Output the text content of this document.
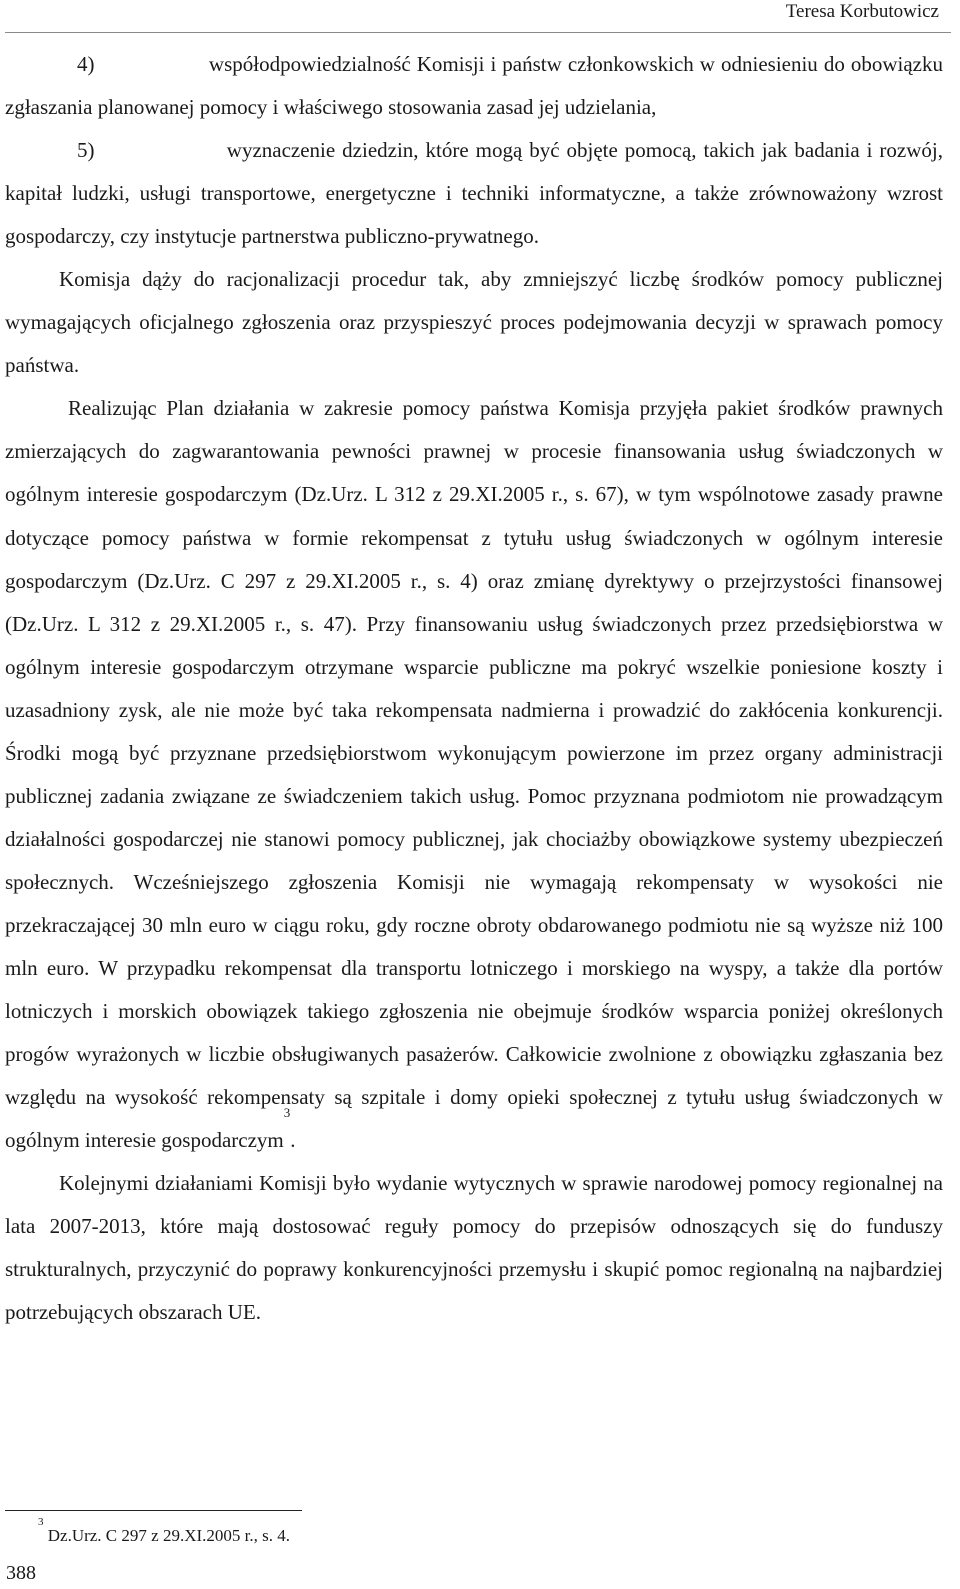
Teresa Korbutowicz

4)                   współodpowiedzialność Komisji i państw członkowskich w odniesieniu do obowiązku zgłaszania planowanej pomocy i właściwego stosowania zasad jej udzielania,

5)                   wyznaczenie dziedzin, które mogą być objęte pomocą, takich jak badania i rozwój, kapitał ludzki, usługi transportowe, energetyczne i techniki informatyczne, a także zrównoważony wzrost gospodarczy, czy instytucje partnerstwa publiczno-prywatnego.

Komisja dąży do racjonalizacji procedur tak, aby zmniejszyć liczbę środków pomocy publicznej wymagających oficjalnego zgłoszenia oraz przyspieszyć proces podejmowania decyzji w sprawach pomocy państwa.

Realizując Plan działania w zakresie pomocy państwa Komisja przyjęła pakiet środków prawnych zmierzających do zagwarantowania pewności prawnej w procesie finansowania usług świadczonych w ogólnym interesie gospodarczym (Dz.Urz. L 312 z 29.XI.2005 r., s. 67), w tym wspólnotowe zasady prawne dotyczące pomocy państwa w formie rekompensat z tytułu usług świadczonych w ogólnym interesie gospodarczym (Dz.Urz. C 297 z 29.XI.2005 r., s. 4) oraz zmianę dyrektywy o przejrzystości finansowej (Dz.Urz. L 312 z 29.XI.2005 r., s. 47). Przy finansowaniu usług świadczonych przez przedsiębiorstwa w ogólnym interesie gospodarczym otrzymane wsparcie publiczne ma pokryć wszelkie poniesione koszty i uzasadniony zysk, ale nie może być taka rekompensata nadmierna i prowadzić do zakłócenia konkurencji. Środki mogą być przyznane przedsiębiorstwom wykonującym powierzone im przez organy administracji publicznej zadania związane ze świadczeniem takich usług. Pomoc przyznana podmiotom nie prowadzącym działalności gospodarczej nie stanowi pomocy publicznej, jak chociażby obowiązkowe systemy ubezpieczeń społecznych. Wcześniejszego zgłoszenia Komisji nie wymagają rekompensaty w wysokości nie przekraczającej 30 mln euro w ciągu roku, gdy roczne obroty obdarowanego podmiotu nie są wyższe niż 100 mln euro. W przypadku rekompensat dla transportu lotniczego i morskiego na wyspy, a także dla portów lotniczych i morskich obowiązek takiego zgłoszenia nie obejmuje środków wsparcia poniżej określonych progów wyrażonych w liczbie obsługiwanych pasażerów. Całkowicie zwolnione z obowiązku zgłaszania bez względu na wysokość rekompensaty są szpitale i domy opieki społecznej z tytułu usług świadczonych w ogólnym interesie gospodarczym$^3$.

Kolejnymi działaniami Komisji było wydanie wytycznych w sprawie narodowej pomocy regionalnej na lata 2007-2013, które mają dostosować reguły pomocy do przepisów odnoszących się do funduszy strukturalnych, przyczynić do poprawy konkurencyjności przemysłu i skupić pomoc regionalną na najbardziej potrzebujących obszarach UE.

$^3$ Dz.Urz. C 297 z 29.XI.2005 r., s. 4.
388
